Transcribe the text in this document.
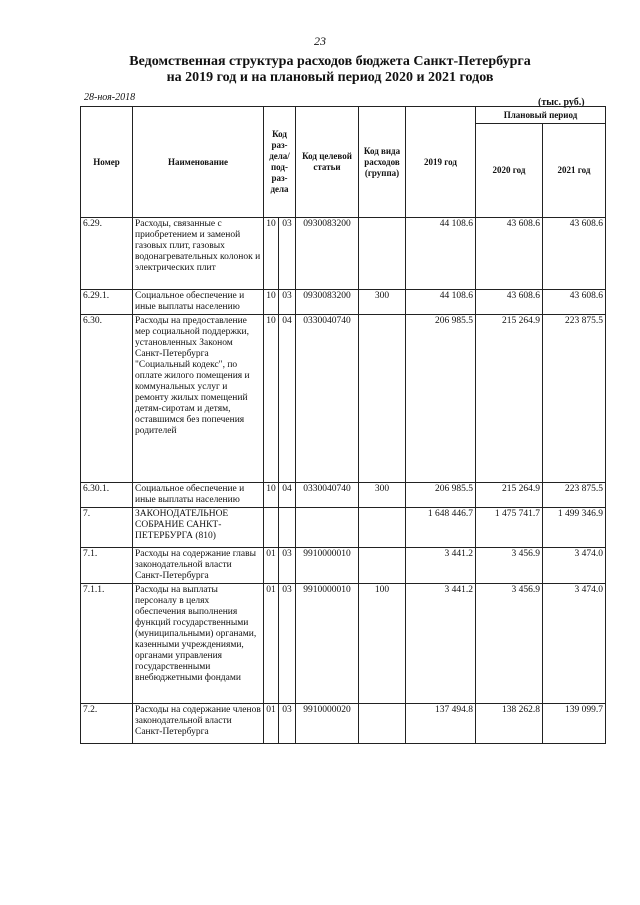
23
Ведомственная структура расходов бюджета Санкт-Петербурга
на 2019 год и на плановый период 2020 и 2021 годов
28-ноя-2018	(тыс. руб.)
Номер	Наименование	Код раз-дела/ под-раз-дела		Код целевой статьи	Код вида расходов (группа)	2019 год	Плановый период	
							2020 год	2021 год
6.29.	Расходы, связанные с приобретением и заменой газовых плит, газовых водонагревательных колонок и электрических плит	10	03	0930083200		44 108.6	43 608.6	43 608.6
6.29.1.	Социальное обеспечение и иные выплаты населению	10	03	0930083200	300	44 108.6	43 608.6	43 608.6
6.30.	Расходы на предоставление мер социальной поддержки, установленных Законом Санкт-Петербурга "Социальный кодекс", по оплате жилого помещения и коммунальных услуг и ремонту жилых помещений детям-сиротам и детям, оставшимся без попечения родителей	10	04	0330040740		206 985.5	215 264.9	223 875.5
6.30.1.	Социальное обеспечение и иные выплаты населению	10	04	0330040740	300	206 985.5	215 264.9	223 875.5
7.	ЗАКОНОДАТЕЛЬНОЕ СОБРАНИЕ САНКТ-ПЕТЕРБУРГА (810)					1 648 446.7	1 475 741.7	1 499 346.9
7.1.	Расходы на содержание главы законодательной власти Санкт-Петербурга	01	03	9910000010		3 441.2	3 456.9	3 474.0
7.1.1.	Расходы на выплаты персоналу в целях обеспечения выполнения функций государственными (муниципальными) органами, казенными учреждениями, органами управления государственными внебюджетными фондами	01	03	9910000010	100	3 441.2	3 456.9	3 474.0
7.2.	Расходы на содержание членов законодательной власти Санкт-Петербурга	01	03	9910000020		137 494.8	138 262.8	139 099.7
